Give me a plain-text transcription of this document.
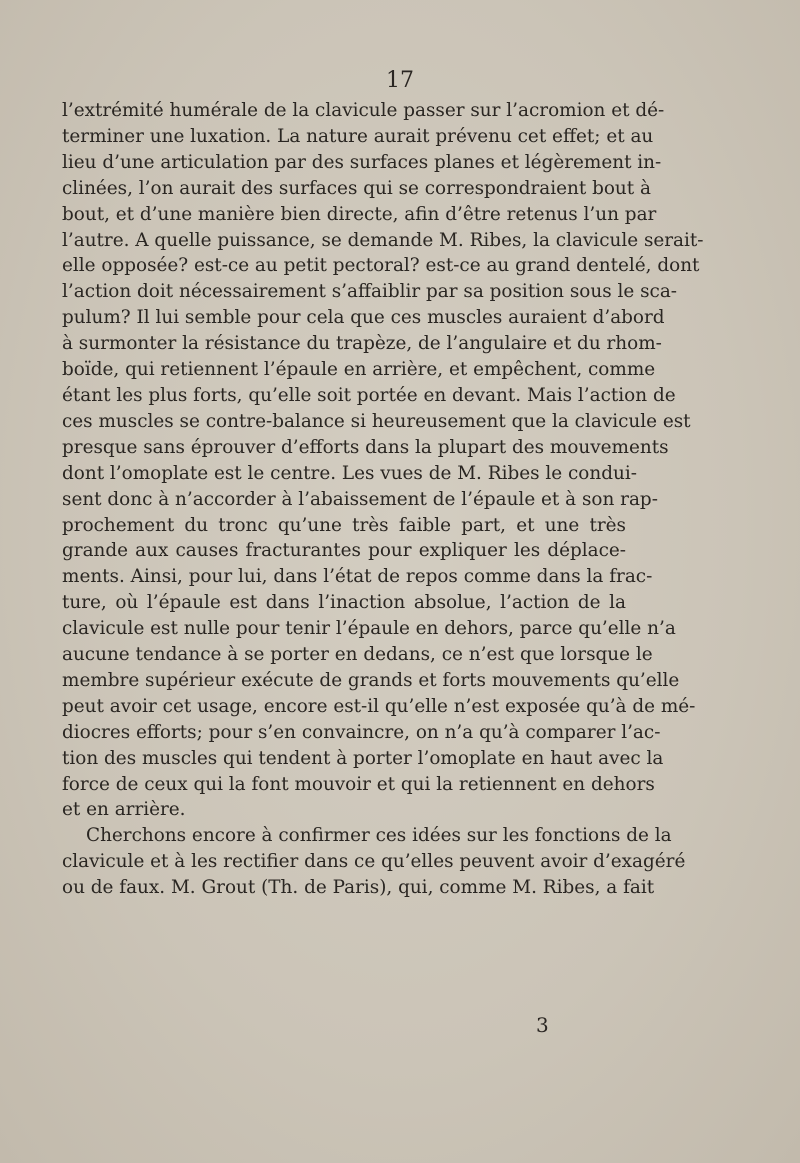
17
l’extrémité humérale de la clavicule passer sur l’acromion et dé-
terminer une luxation. La nature aurait prévenu cet effet; et au
lieu d’une articulation par des surfaces planes et légèrement in-
clinées, l’on aurait des surfaces qui se correspondraient bout à
bout, et d’une manière bien directe, afin d’être retenus l’un par
l’autre. A quelle puissance, se demande M. Ribes, la clavicule serait-
elle opposée? est-ce au petit pectoral? est-ce au grand dentelé, dont
l’action doit nécessairement s’affaiblir par sa position sous le sca-
pulum? Il lui semble pour cela que ces muscles auraient d’abord
à surmonter la résistance du trapèze, de l’angulaire et du rhom-
boïde, qui retiennent l’épaule en arrière, et empêchent, comme
étant les plus forts, qu’elle soit portée en devant. Mais l’action de
ces muscles se contre-balance si heureusement que la clavicule est
presque sans éprouver d’efforts dans la plupart des mouvements
dont l’omoplate est le centre. Les vues de M. Ribes le condui-
sent donc à n’accorder à l’abaissement de l’épaule et à son rap-
prochement du tronc qu’une très faible part, et une très
grande aux causes fracturantes pour expliquer les déplace-
ments. Ainsi, pour lui, dans l’état de repos comme dans la frac-
ture, où l’épaule est dans l’inaction absolue, l’action de la
clavicule est nulle pour tenir l’épaule en dehors, parce qu’elle n’a
aucune tendance à se porter en dedans, ce n’est que lorsque le
membre supérieur exécute de grands et forts mouvements qu’elle
peut avoir cet usage, encore est-il qu’elle n’est exposée qu’à de mé-
diocres efforts; pour s’en convaincre, on n’a qu’à comparer l’ac-
tion des muscles qui tendent à porter l’omoplate en haut avec la
force de ceux qui la font mouvoir et qui la retiennent en dehors
et en arrière.
Cherchons encore à confirmer ces idées sur les fonctions de la
clavicule et à les rectifier dans ce qu’elles peuvent avoir d’exagéré
ou de faux. M. Grout (Th. de Paris), qui, comme M. Ribes, a fait
3
